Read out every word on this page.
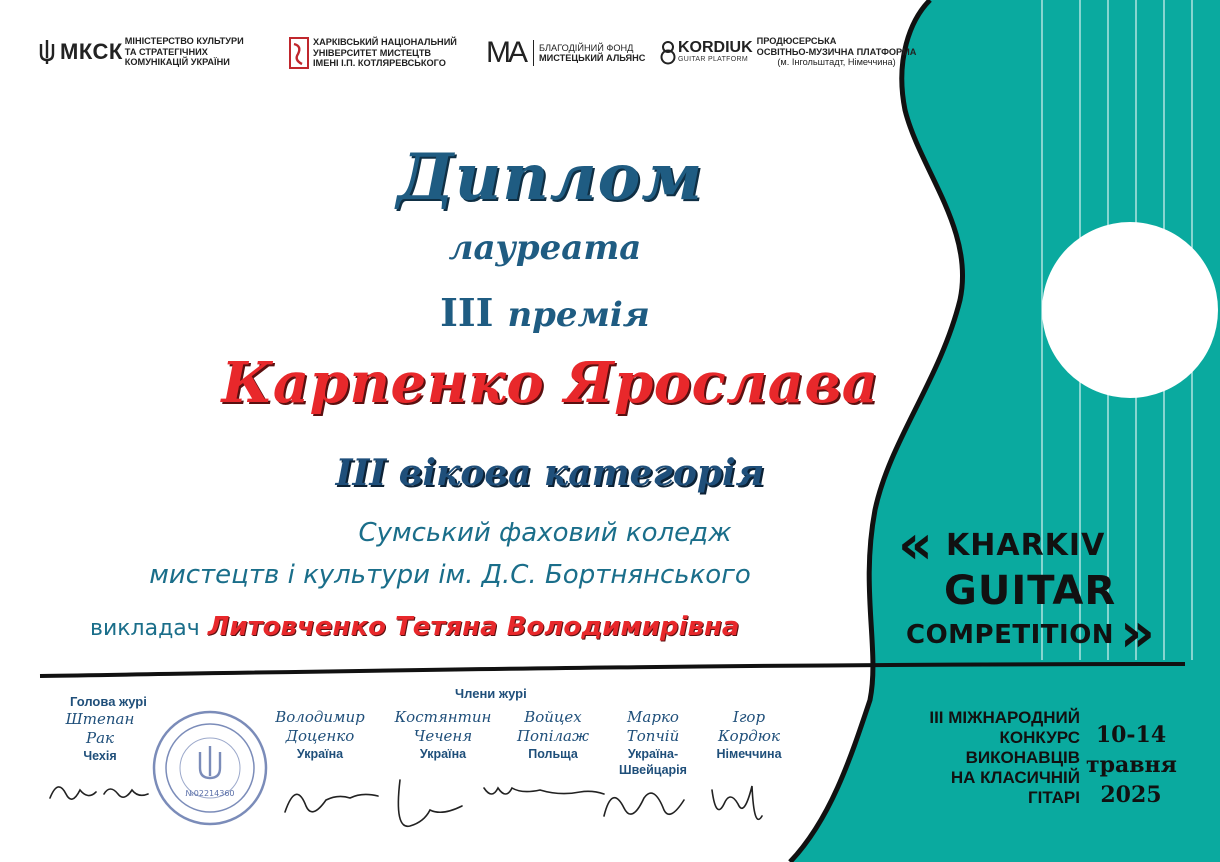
МКСК МІНІСТЕРСТВО КУЛЬТУРИ
ТА СТРАТЕГІЧНИХ
КОМУНІКАЦІЙ УКРАЇНИ
ХАРКІВСЬКИЙ НАЦІОНАЛЬНИЙ
УНІВЕРСИТЕТ МИСТЕЦТВ
ІМЕНІ І.П. КОТЛЯРЕВСЬКОГО	МА БЛАГОДІЙНИЙ ФОНД
МИСТЕЦЬКИЙ АЛЬЯНС
KORDIUK
GUITAR PLATFORM
ПРОДЮСЕРСЬКА
ОСВІТНЬО-МУЗИЧНА ПЛАТФОРМА
(м. Інгольштадт, Німеччина)
Диплом
лауреата
ІІІ премія
Карпенко Ярослава
ІІІ вікова категорія
Сумський фаховий коледж
мистецтв і культури ім. Д.С. Бортнянського
викладач Литовченко Тетяна Володимирівна
Голова журі
Члени журі
Штепан
Рак
Чехія
№02214360
Володимир
Доценко
Україна
Костянтин
Чеченя
Україна
Войцех
Попілаж
Польща
Марко
Топчій
Україна-
Швейцарія
Ігор
Кордюк
Німеччина
« KHARKIV
GUITAR
COMPETITION »
ІІІ МІЖНАРОДНИЙ
КОНКУРС
ВИКОНАВЦІВ
НА КЛАСИЧНІЙ
ГІТАРІ
10-14
травня
2025
